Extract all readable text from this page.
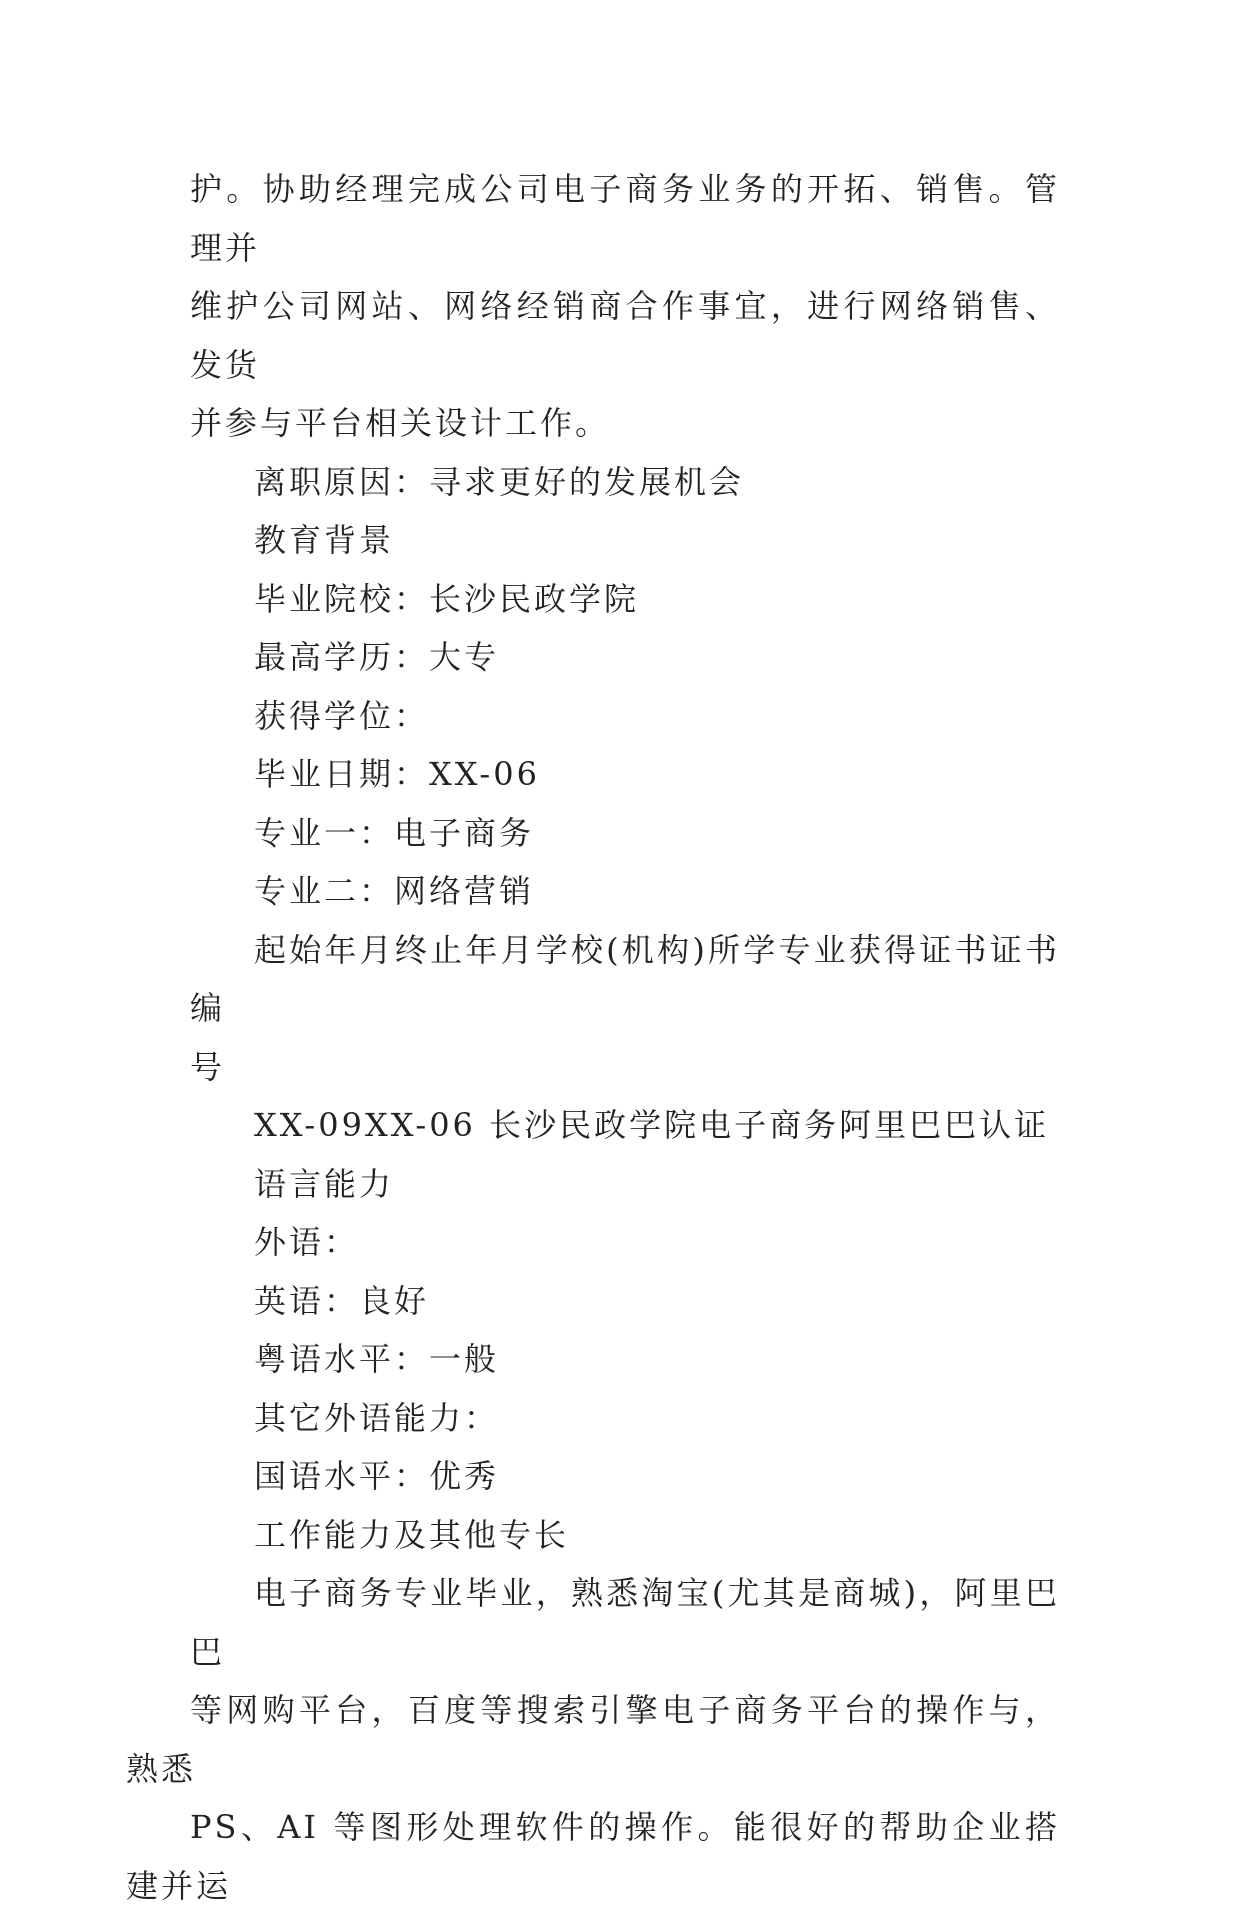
护。协助经理完成公司电子商务业务的开拓、销售。管理并
维护公司网站、网络经销商合作事宜，进行网络销售、发货
并参与平台相关设计工作。

离职原因：寻求更好的发展机会

教育背景

毕业院校：长沙民政学院

最高学历：大专

获得学位：

毕业日期：XX-06

专业一：电子商务

专业二：网络营销

起始年月终止年月学校(机构)所学专业获得证书证书编
号

XX-09XX-06 长沙民政学院电子商务阿里巴巴认证

语言能力

外语：

英语：良好

粤语水平：一般

其它外语能力：

国语水平：优秀

工作能力及其他专长

电子商务专业毕业，熟悉淘宝(尤其是商城)，阿里巴巴
等网购平台，百度等搜索引擎电子商务平台的操作与，熟悉
PS、AI 等图形处理软件的操作。能很好的帮助企业搭建并运
